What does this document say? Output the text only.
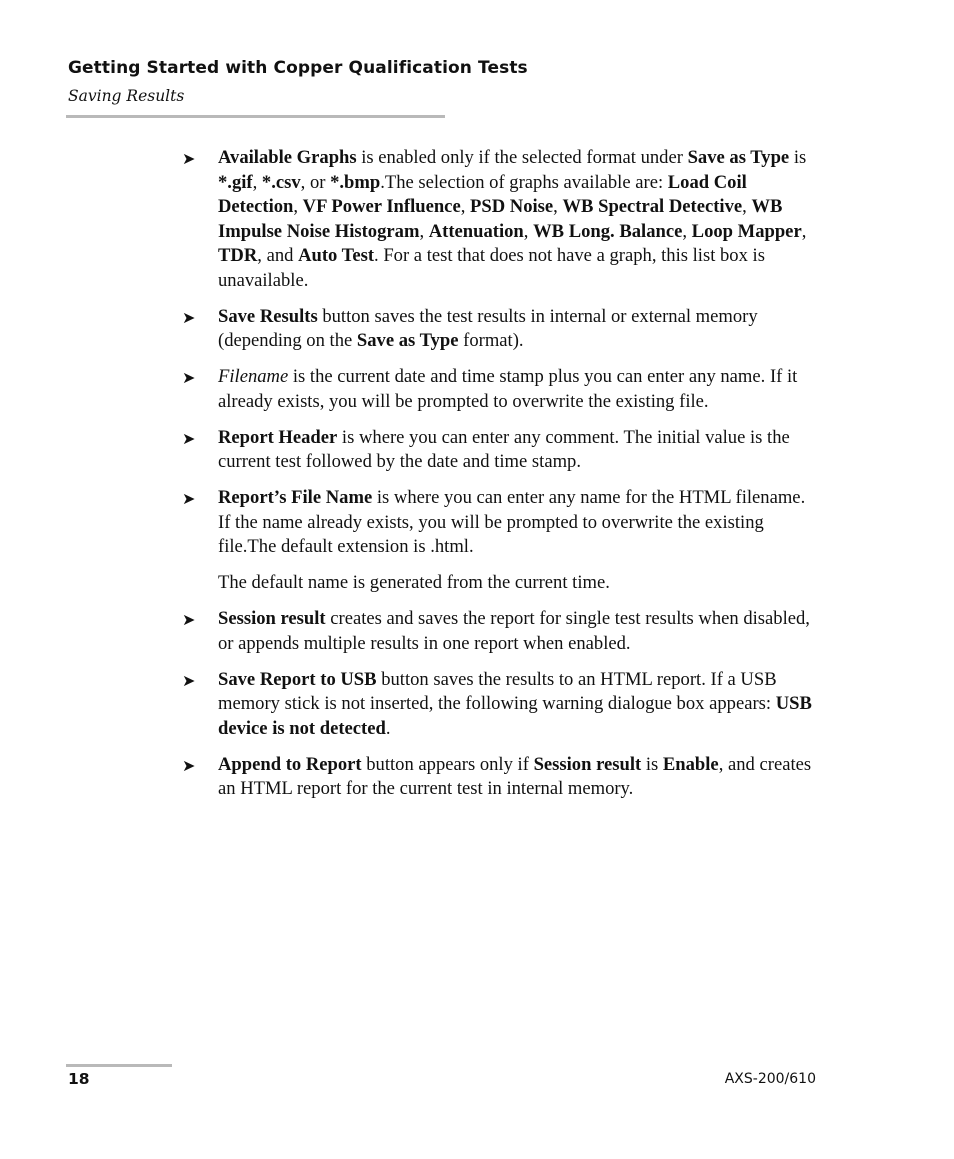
Getting Started with Copper Qualification Tests
Saving Results
➤	Available Graphs is enabled only if the selected format under Save as Type is *.gif, *.csv, or *.bmp.The selection of graphs available are: Load Coil Detection, VF Power Influence, PSD Noise, WB Spectral Detective, WB Impulse Noise Histogram, Attenuation, WB Long. Balance, Loop Mapper, TDR, and Auto Test. For a test that does not have a graph, this list box is unavailable.
➤	Save Results button saves the test results in internal or external memory (depending on the Save as Type format).
➤	Filename is the current date and time stamp plus you can enter any name. If it already exists, you will be prompted to overwrite the existing file.
➤	Report Header is where you can enter any comment. The initial value is the current test followed by the date and time stamp.
➤	Report’s File Name is where you can enter any name for the HTML filename. If the name already exists, you will be prompted to overwrite the existing file.The default extension is .html.
The default name is generated from the current time.
➤	Session result creates and saves the report for single test results when disabled, or appends multiple results in one report when enabled.
➤	Save Report to USB button saves the results to an HTML report. If a USB memory stick is not inserted, the following warning dialogue box appears: USB device is not detected.
➤	Append to Report button appears only if Session result is Enable, and creates an HTML report for the current test in internal memory.
18	AXS-200/610
